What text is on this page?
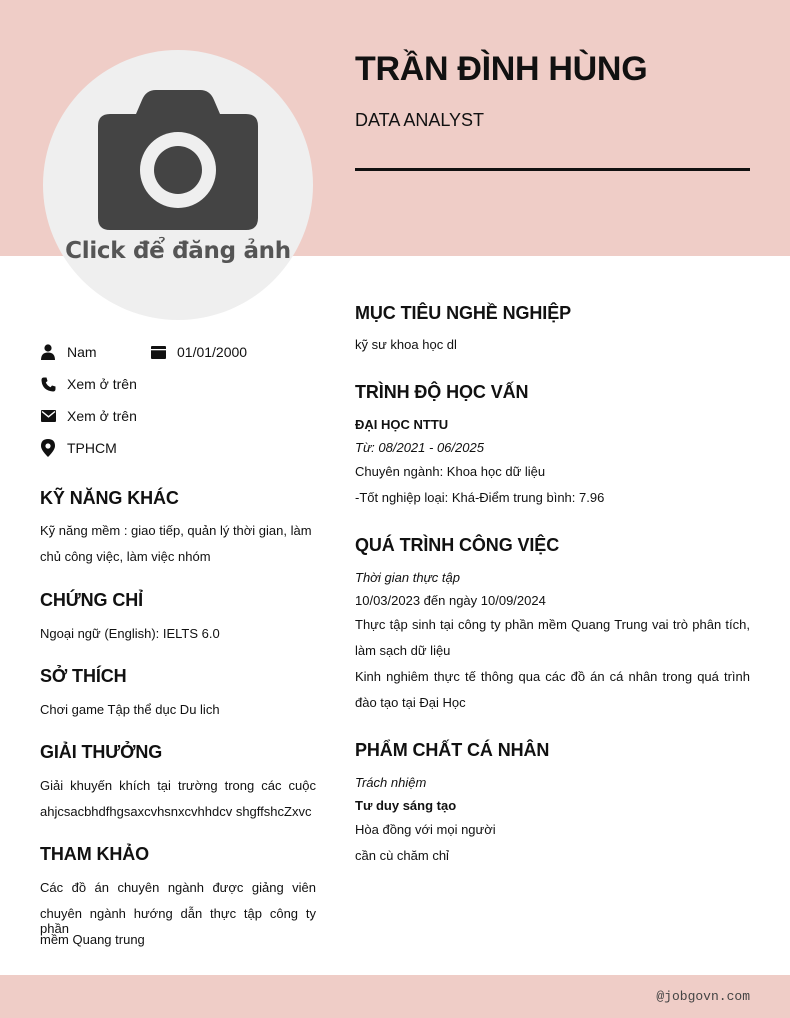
Click để đăng ảnh
TRẦN ĐÌNH HÙNG
DATA ANALYST
Nam	01/01/2000
Xem ở trên
Xem ở trên
TPHCM
KỸ NĂNG KHÁC
Kỹ năng mềm : giao tiếp, quản lý thời gian, làm chủ công việc, làm việc nhóm
CHỨNG CHỈ
Ngoại ngữ (English): IELTS 6.0
SỞ THÍCH
Chơi game Tập thể dục Du lich
GIẢI THƯỞNG
Giải khuyến khích tại trường trong các cuộc
ahjcsacbhdfhgsaxcvhsnxcvhhdcv shgffshcZxvc
THAM KHẢO
Các đồ án chuyên ngành được giảng viên
chuyên ngành hướng dẫn thực tập công ty phần
mềm Quang trung
MỤC TIÊU NGHỀ NGHIỆP
kỹ sư khoa học dl
TRÌNH ĐỘ HỌC VẤN
ĐẠI HỌC NTTU
Từ: 08/2021 - 06/2025
Chuyên ngành: Khoa học dữ liệu
-Tốt nghiệp loại: Khá-Điểm trung bình: 7.96
QUÁ TRÌNH CÔNG VIỆC
Thời gian thực tập
10/03/2023 đến ngày 10/09/2024
Thực tập sinh tại công ty phần mềm Quang Trung vai trò phân tích,
làm sạch dữ liệu
Kinh nghiêm thực tế thông qua các đồ án cá nhân trong quá trình
đào tạo tại Đại Học
PHẨM CHẤT CÁ NHÂN
Trách nhiệm
Tư duy sáng tạo
Hòa đồng với mọi người
cần cù chăm chỉ
@jobgovn.com
